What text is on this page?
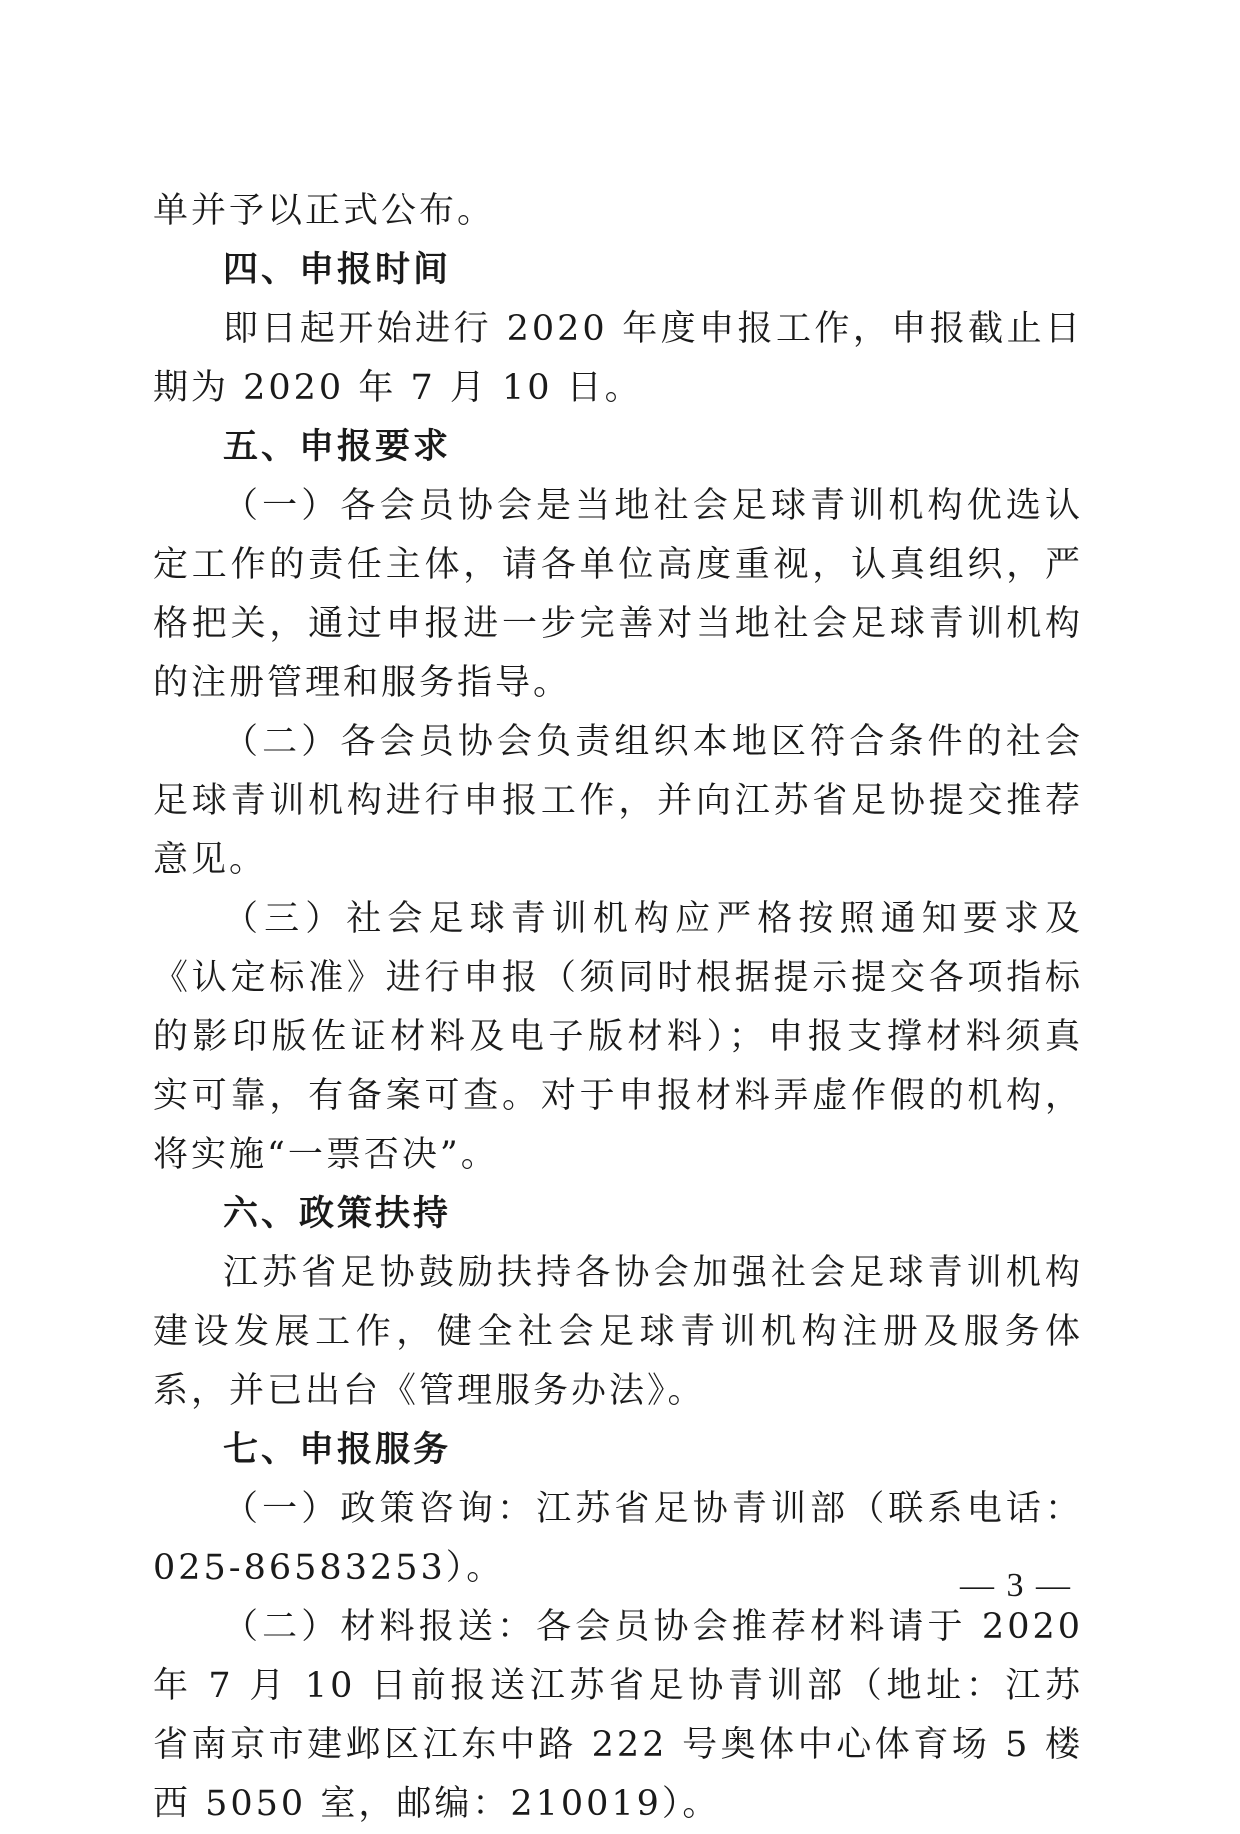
单并予以正式公布。

四、申报时间

即日起开始进行 2020 年度申报工作，申报截止日期为 2020 年 7 月 10 日。

五、申报要求

（一）各会员协会是当地社会足球青训机构优选认定工作的责任主体，请各单位高度重视，认真组织，严格把关，通过申报进一步完善对当地社会足球青训机构的注册管理和服务指导。

（二）各会员协会负责组织本地区符合条件的社会足球青训机构进行申报工作，并向江苏省足协提交推荐意见。

（三）社会足球青训机构应严格按照通知要求及《认定标准》进行申报（须同时根据提示提交各项指标的影印版佐证材料及电子版材料）；申报支撑材料须真实可靠，有备案可查。对于申报材料弄虚作假的机构，将实施“一票否决”。

六、政策扶持

江苏省足协鼓励扶持各协会加强社会足球青训机构建设发展工作，健全社会足球青训机构注册及服务体系，并已出台《管理服务办法》。

七、申报服务

（一）政策咨询：江苏省足协青训部（联系电话：025-86583253）。

（二）材料报送：各会员协会推荐材料请于 2020 年 7 月 10 日前报送江苏省足协青训部（地址：江苏省南京市建邺区江东中路 222 号奥体中心体育场 5 楼西 5050 室，邮编：210019）。

— 3 —
